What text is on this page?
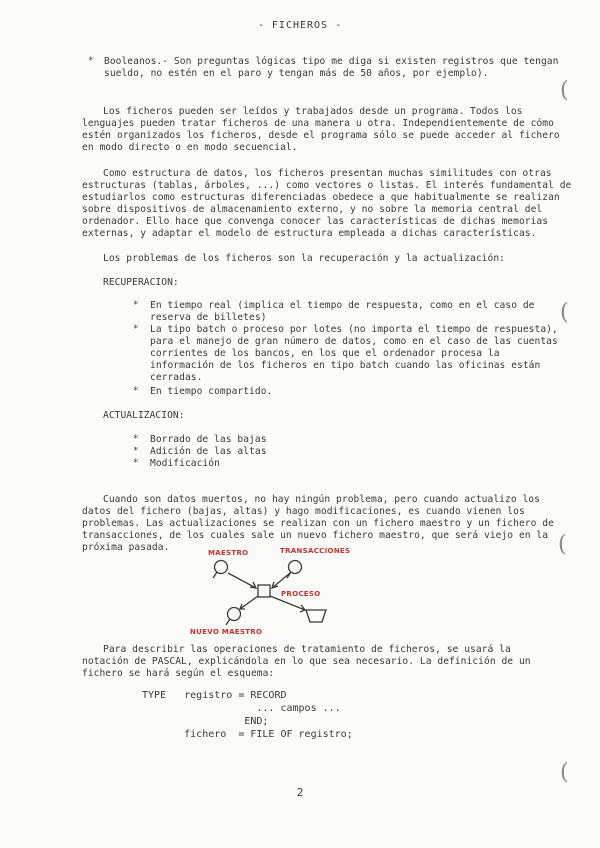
- FICHEROS -
* Booleanos.- Son preguntas lógicas tipo me diga si existen registros que tengan
sueldo, no estén en el paro y tengan más de 50 años, por ejemplo).
Los ficheros pueden ser leídos y trabajados desde un programa. Todos los
lenguajes pueden tratar ficheros de una manera u otra. Independientemente de cómo
estén organizados los ficheros, desde el programa sólo se puede acceder al fichero
en modo directo o en modo secuencial.
Como estructura de datos, los ficheros presentan muchas similitudes con otras
estructuras (tablas, árboles, ...) como vectores o listas. El interés fundamental de
estudiarlos como estructuras diferenciadas obedece a que habitualmente se realizan
sobre dispositivos de almacenamiento externo, y no sobre la memoria central del
ordenador. Ello hace que convenga conocer las características de dichas memorias
externas, y adaptar el modelo de estructura empleada a dichas características.
Los problemas de los ficheros son la recuperación y la actualización:
RECUPERACION:
* En tiempo real (implica el tiempo de respuesta, como en el caso de
reserva de billetes)
* La tipo batch o proceso por lotes (no importa el tiempo de respuesta),
para el manejo de gran número de datos, como en el caso de las cuentas
corrientes de los bancos, en los que el ordenador procesa la
información de los ficheros en tipo batch cuando las oficinas están
cerradas.
* En tiempo compartido.
ACTUALIZACION:
* Borrado de las bajas
* Adición de las altas
* Modificación
Cuando son datos muertos, no hay ningún problema, pero cuando actualizo los
datos del fichero (bajas, altas) y hago modificaciones, es cuando vienen los
problemas. Las actualizaciones se realizan con un fichero maestro y un fichero de
transacciones, de los cuales sale un nuevo fichero maestro, que será viejo en la
próxima pasada.	MAESTRO	TRANSACCIONES
PROCESO
NUEVO MAESTRO
Para describir las operaciones de tratamiento de ficheros, se usará la
notación de PASCAL, explicándola en lo que sea necesario. La definición de un
fichero se hará según el esquema:
TYPE   registro = RECORD
... campos ...
END;
fichero  = FILE OF registro;
2
(
(
(
(
